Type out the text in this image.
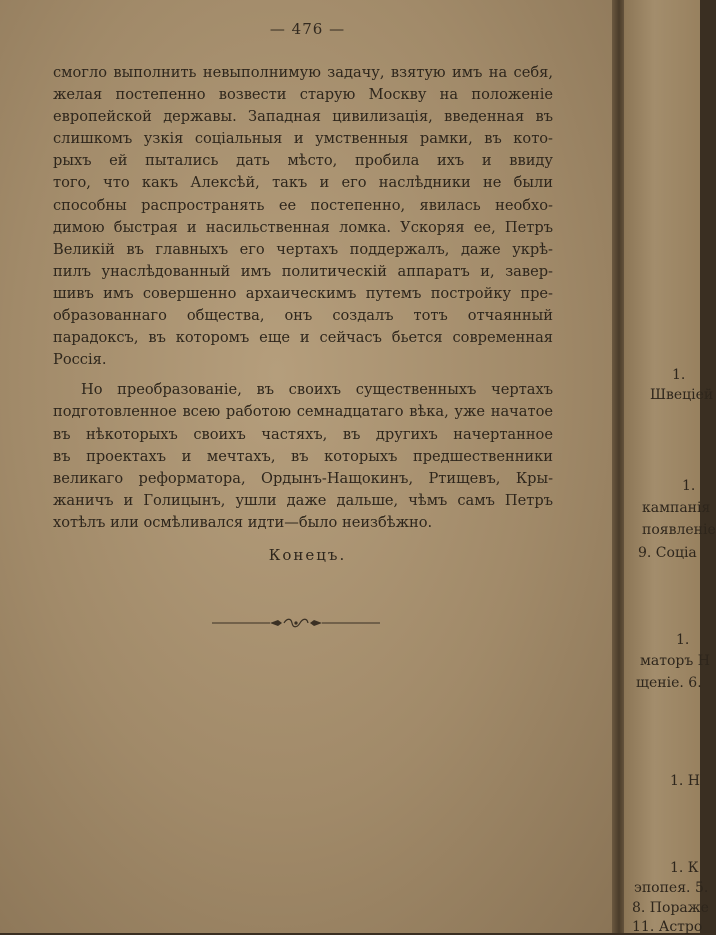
— 476 —
смогло выполнить невыполнимую задачу, взятую имъ на себя,
желая постепенно возвести старую Москву на положеніе
европейской державы. Западная цивилизація, введенная въ
слишкомъ узкія соціальныя и умственныя рамки, въ кото-
рыхъ ей пытались дать мѣсто, пробила ихъ и ввиду
того, что какъ Алексѣй, такъ и его наслѣдники не были
способны распространять ее постепенно, явилась необхо-
димою быстрая и насильственная ломка. Ускоряя ее, Петръ
Великій въ главныхъ его чертахъ поддержалъ, даже укрѣ-
пилъ унаслѣдованный имъ политическій аппаратъ и, завер-
шивъ имъ совершенно архаическимъ путемъ постройку пре-
образованнаго общества, онъ создалъ тотъ отчаянный
парадоксъ, въ которомъ еще и сейчасъ бьется современная
Россія.
Но преобразованіе, въ своихъ существенныхъ чертахъ
подготовленное всею работою семнадцатаго вѣка, уже начатое
въ нѣкоторыхъ своихъ частяхъ, въ другихъ начертанное
въ проектахъ и мечтахъ, въ которыхъ предшественники
великаго реформатора, Ордынъ-Нащокинъ, Ртищевъ, Кры-
жаничъ и Голицынъ, ушли даже дальше, чѣмъ самъ Петръ
хотѣлъ или осмѣливался идти—было неизбѣжно.
Конецъ.
1.
Швецiей
1.
кампанiя
появленiе
9. Соцiа
1.
маторъ Н
щенiе. 6.
1. Н
1. К
эпопея. 5.
8. Пораже
11. Астро
